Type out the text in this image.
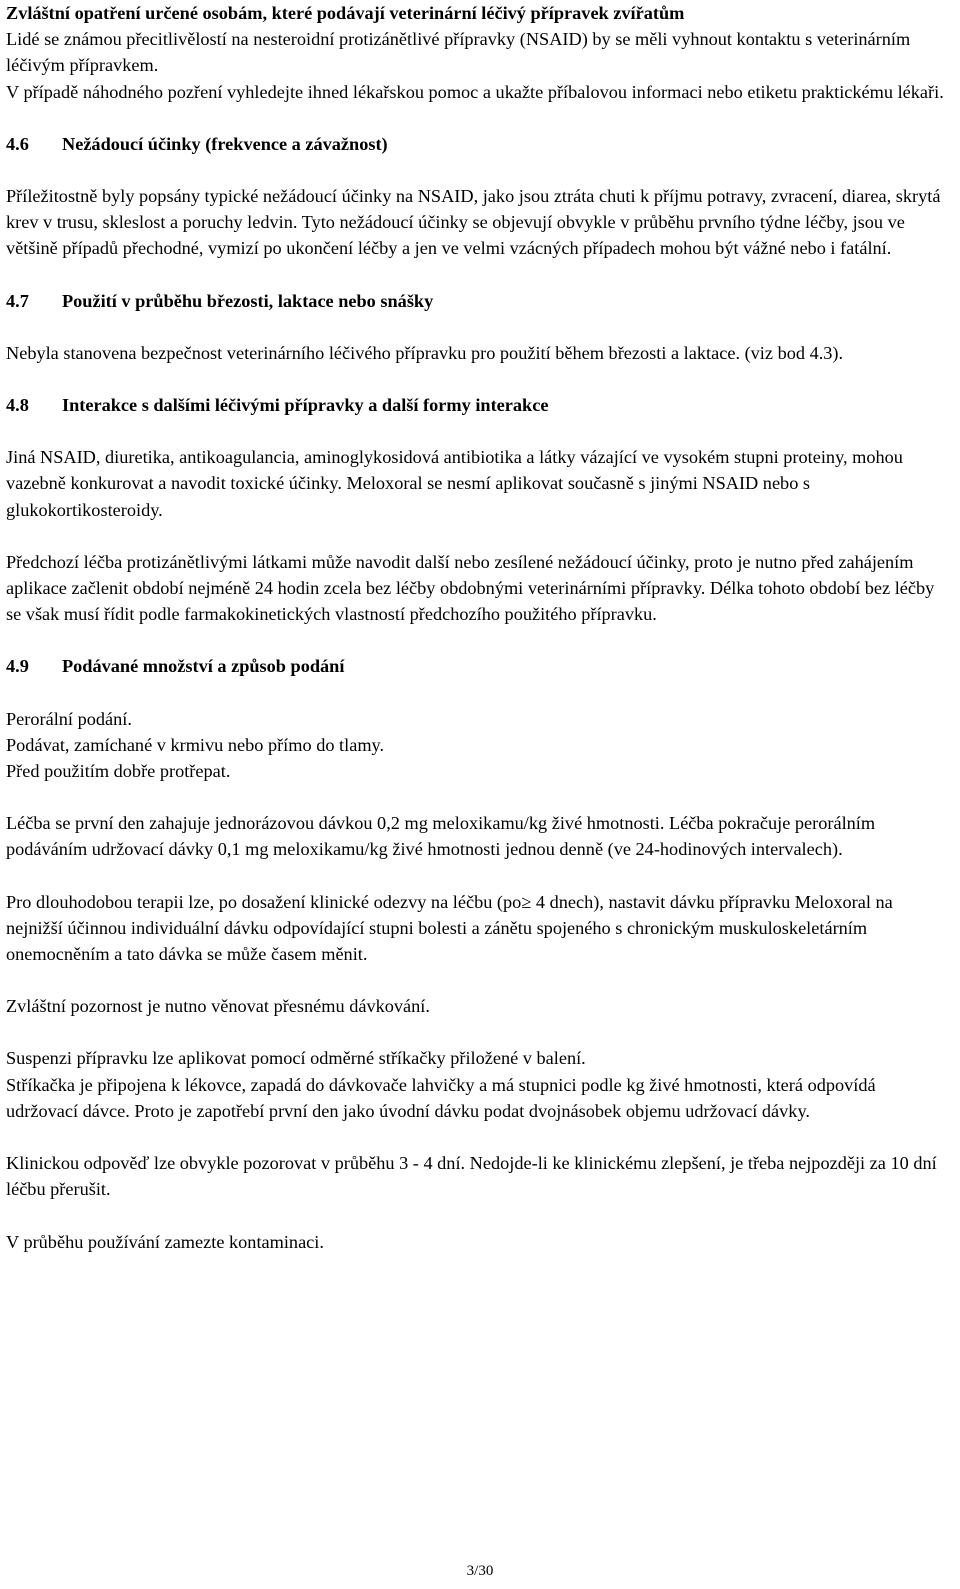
Zvláštní opatření určené osobám, které podávají veterinární léčivý přípravek zvířatům

Lidé se známou přecitlivělostí na nesteroidní protizánětlivé přípravky (NSAID) by se měli vyhnout kontaktu s veterinárním léčivým přípravkem.

V případě náhodného pozření vyhledejte ihned lékařskou pomoc a ukažte příbalovou informaci nebo etiketu praktickému lékaři.

4.6 Nežádoucí účinky (frekvence a závažnost)

Příležitostně byly popsány typické nežádoucí účinky na NSAID, jako jsou ztráta chuti k příjmu potravy, zvracení, diarea, skrytá krev v trusu, skleslost a poruchy ledvin. Tyto nežádoucí účinky se objevují obvykle v průběhu prvního týdne léčby, jsou ve většině případů přechodné, vymizí po ukončení léčby a jen ve velmi vzácných případech mohou být vážné nebo i fatální.

4.7 Použití v průběhu březosti, laktace nebo snášky

Nebyla stanovena bezpečnost veterinárního léčivého přípravku pro použití během březosti a laktace. (viz bod 4.3).

4.8 Interakce s dalšími léčivými přípravky a další formy interakce

Jiná NSAID, diuretika, antikoagulancia, aminoglykosidová antibiotika a látky vázající ve vysokém stupni proteiny, mohou vazebně konkurovat a navodit toxické účinky. Meloxoral se nesmí aplikovat současně s jinými NSAID nebo s glukokortikosteroidy.

Předchozí léčba protizánětlivými látkami může navodit další nebo zesílené nežádoucí účinky, proto je nutno před zahájením aplikace začlenit období nejméně 24 hodin zcela bez léčby obdobnými veterinárními přípravky. Délka tohoto období bez léčby se však musí řídit podle farmakokinetických vlastností předchozího použitého přípravku.

4.9 Podávané množství a způsob podání

Perorální podání.

Podávat, zamíchané v krmivu nebo přímo do tlamy.

Před použitím dobře protřepat.

Léčba se první den zahajuje jednorázovou dávkou 0,2 mg meloxikamu/kg živé hmotnosti. Léčba pokračuje perorálním podáváním udržovací dávky 0,1 mg meloxikamu/kg živé hmotnosti jednou denně (ve 24-hodinových intervalech).

Pro dlouhodobou terapii lze, po dosažení klinické odezvy na léčbu (po≥ 4 dnech), nastavit dávku přípravku Meloxoral na nejnižší účinnou individuální dávku odpovídající stupni bolesti a zánětu spojeného s chronickým muskuloskeletárním onemocněním a tato dávka se může časem měnit.

Zvláštní pozornost je nutno věnovat přesnému dávkování.

Suspenzi přípravku lze aplikovat pomocí odměrné stříkačky přiložené v balení.

Stříkačka je připojena k lékovce, zapadá do dávkovače lahvičky a má stupnici podle kg živé hmotnosti, která odpovídá udržovací dávce. Proto je zapotřebí první den jako úvodní dávku podat dvojnásobek objemu udržovací dávky.

Klinickou odpověď lze obvykle pozorovat v průběhu 3 - 4 dní. Nedojde-li ke klinickému zlepšení, je třeba nejpozději za 10 dní léčbu přerušit.

V průběhu používání zamezte kontaminaci.

3/30
